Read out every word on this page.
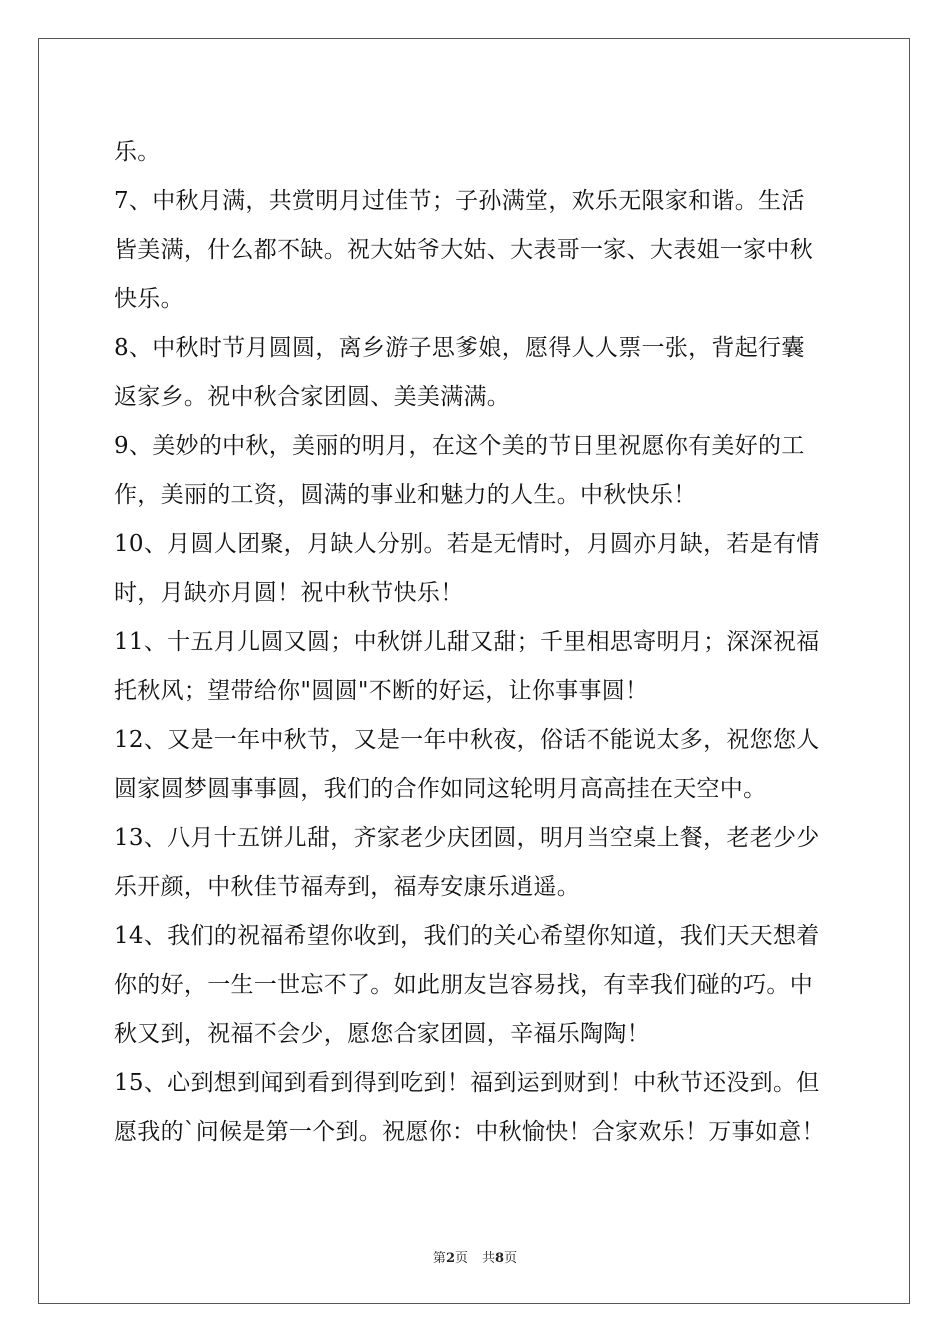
乐。
7、中秋月满，共赏明月过佳节；子孙满堂，欢乐无限家和谐。生活
皆美满，什么都不缺。祝大姑爷大姑、大表哥一家、大表姐一家中秋
快乐。
8、中秋时节月圆圆，离乡游子思爹娘，愿得人人票一张，背起行囊
返家乡。祝中秋合家团圆、美美满满。
9、美妙的中秋，美丽的明月，在这个美的节日里祝愿你有美好的工
作，美丽的工资，圆满的事业和魅力的人生。中秋快乐！
10、月圆人团聚，月缺人分别。若是无情时，月圆亦月缺，若是有情
时，月缺亦月圆！祝中秋节快乐！
11、十五月儿圆又圆；中秋饼儿甜又甜；千里相思寄明月；深深祝福
托秋风；望带给你"圆圆"不断的好运，让你事事圆！
12、又是一年中秋节，又是一年中秋夜，俗话不能说太多，祝您您人
圆家圆梦圆事事圆，我们的合作如同这轮明月高高挂在天空中。
13、八月十五饼儿甜，齐家老少庆团圆，明月当空桌上餐，老老少少
乐开颜，中秋佳节福寿到，福寿安康乐逍遥。
14、我们的祝福希望你收到，我们的关心希望你知道，我们天天想着
你的好，一生一世忘不了。如此朋友岂容易找，有幸我们碰的巧。中
秋又到，祝福不会少，愿您合家团圆，辛福乐陶陶！
15、心到想到闻到看到得到吃到！福到运到财到！中秋节还没到。但
愿我的`问候是第一个到。祝愿你：中秋愉快！合家欢乐！万事如意！
第2页 共8页
